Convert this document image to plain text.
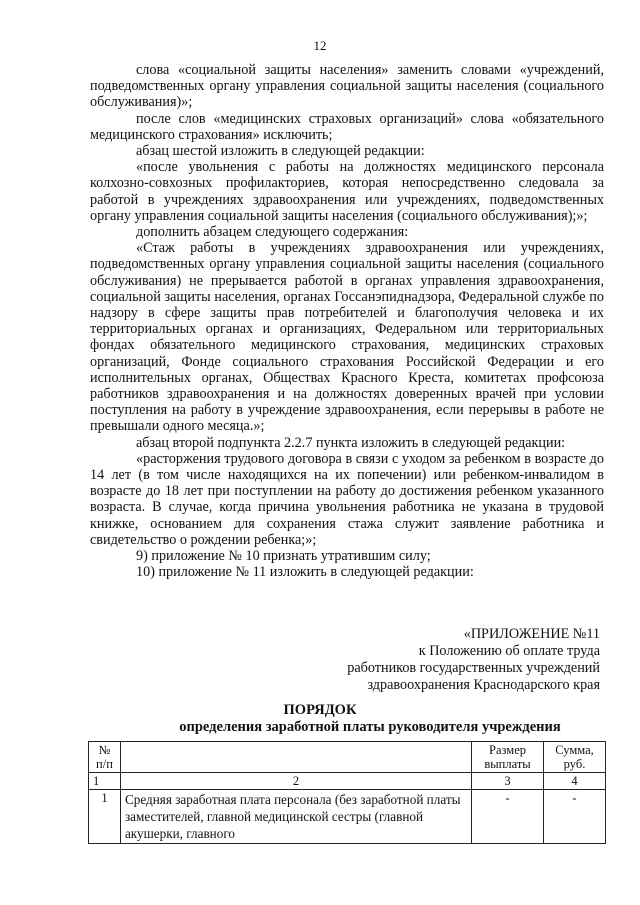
12

слова «социальной защиты населения» заменить словами «учреждений, подведомственных органу управления социальной защиты населения (социального обслуживания)»;

после слов «медицинских страховых организаций» слова «обязательного медицинского страхования» исключить;

абзац шестой изложить в следующей редакции:

«после увольнения с работы на должностях медицинского персонала колхозно-совхозных профилакториев, которая непосредственно следовала за работой в учреждениях здравоохранения или учреждениях, подведомственных органу управления социальной защиты населения (социального обслуживания);»;

дополнить абзацем следующего содержания:

«Стаж работы в учреждениях здравоохранения или учреждениях, подведомственных органу управления социальной защиты населения (социального обслуживания) не прерывается работой в органах управления здравоохранения, социальной защиты населения, органах Госсанэпиднадзора, Федеральной службе по надзору в сфере защиты прав потребителей и благополучия человека и их территориальных органах и организациях, Федеральном или территориальных фондах обязательного медицинского страхования, медицинских страховых организаций, Фонде социального страхования Российской Федерации и его исполнительных органах, Обществах Красного Креста, комитетах профсоюза работников здравоохранения и на должностях доверенных врачей при условии поступления на работу в учреждение здравоохранения, если перерывы в работе не превышали одного месяца.»;

абзац второй подпункта 2.2.7 пункта изложить в следующей редакции:

«расторжения трудового договора в связи с уходом за ребенком в возрасте до 14 лет (в том числе находящихся на их попечении) или ребенком-инвалидом в возрасте до 18 лет при поступлении на работу до достижения ребенком указанного возраста. В случае, когда причина увольнения работника не указана в трудовой книжке, основанием для сохранения стажа служит заявление работника и свидетельство о рождении ребенка;»;

9) приложение № 10 признать утратившим силу;

10) приложение № 11 изложить в следующей редакции:

«ПРИЛОЖЕНИЕ №11
к Положению об оплате труда
работников государственных учреждений
здравоохранения Краснодарского края
ПОРЯДОК
определения заработной платы руководителя учреждения
№ п/п		Размер выплаты	Сумма, руб.
1	2	3	4
1	Средняя заработная плата персонала (без заработной платы заместителей, главной медицинской сестры (главной акушерки, главного	-	-
